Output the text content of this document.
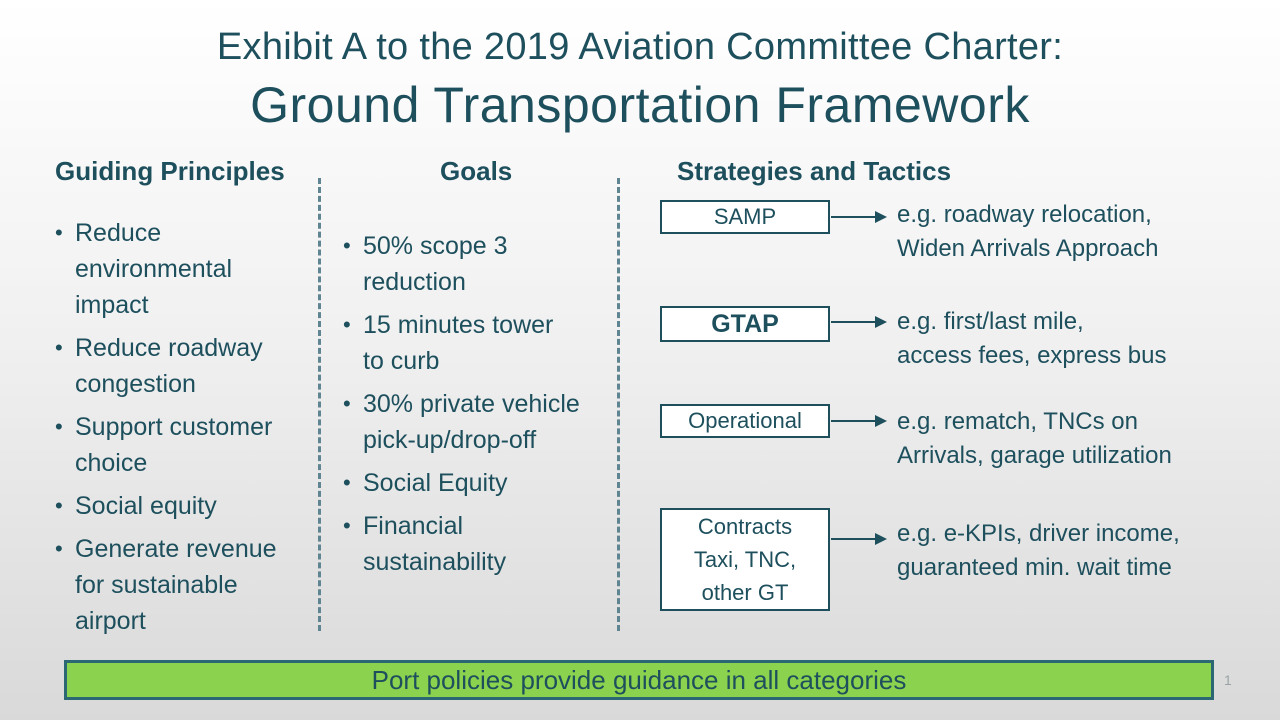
Exhibit A to the 2019 Aviation Committee Charter:
Ground Transportation Framework
Guiding Principles	Goals	Strategies and Tactics
• Reduce
environmental
impact
• Reduce roadway
congestion
• Support customer
choice
• Social equity
• Generate revenue
for sustainable
airport
• 50% scope 3
reduction
• 15 minutes tower
to curb
• 30% private vehicle
pick-up/drop-off
• Social Equity
• Financial
sustainability
SAMP	e.g. roadway relocation,
Widen Arrivals Approach
GTAP	e.g. first/last mile,
access fees, express bus
Operational	e.g. rematch, TNCs on
Arrivals, garage utilization
Contracts
Taxi, TNC,
other GT
e.g. e-KPIs, driver income,
guaranteed min. wait time
Port policies provide guidance in all categories	1
